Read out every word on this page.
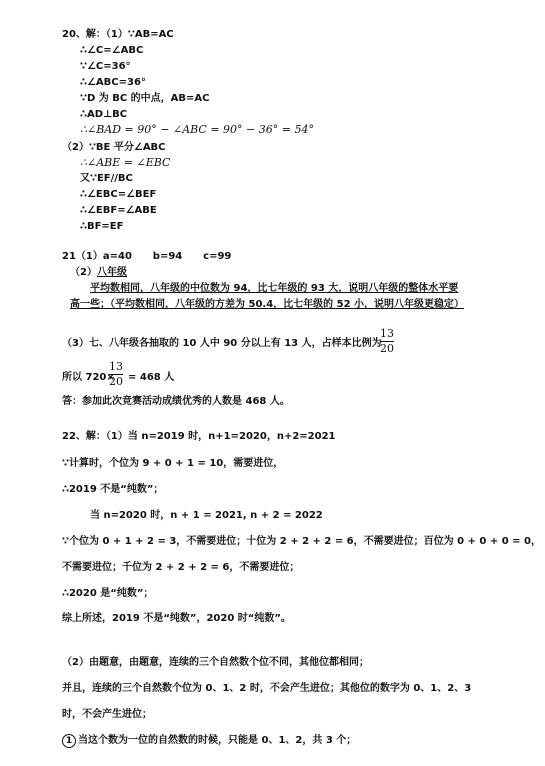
20、解：（1）∵AB=AC
∴∠C=∠ABC
∵∠C=36°
∴∠ABC=36°
∵D 为 BC 的中点，AB=AC
∴AD⊥BC
∴∠BAD = 90° − ∠ABC = 90° − 36° = 54°
（2）∵BE 平分∠ABC
∴∠ABE = ∠EBC
又∵EF//BC
∴∠EBC=∠BEF
∴∠EBF=∠ABE
∴BF=EF
21（1）a=40      b=94      c=99
（2）八年级
平均数相同，八年级的中位数为 94，比七年级的 93 大，说明八年级的整体水平要
高一些；（平均数相同，八年级的方差为 50.4，比七年级的 52 小，说明八年级更稳定）
（3）七、八年级各抽取的 10 人中 90 分以上有 13 人，占样本比例为
13
20
所以 720×
13
20 = 468 人
答：参加此次竞赛活动成绩优秀的人数是 468 人。
22、解：（1）当 n=2019 时，n+1=2020，n+2=2021
∵计算时，个位为 9 + 0 + 1 = 10，需要进位，
∴2019 不是“纯数”；
当 n=2020 时，n + 1 = 2021, n + 2 = 2022
∵个位为 0 + 1 + 2 = 3，不需要进位；十位为 2 + 2 + 2 = 6，不需要进位；百位为 0 + 0 + 0 = 0，
不需要进位；千位为 2 + 2 + 2 = 6，不需要进位；
∴2020 是“纯数”；
综上所述，2019 不是“纯数”，2020 时“纯数”。
（2）由题意，由题意，连续的三个自然数个位不同，其他位都相同；
并且，连续的三个自然数个位为 0、1、2 时，不会产生进位；其他位的数字为 0、1、2、3
时，不会产生进位；
1 当这个数为一位的自然数的时候，只能是 0、1、2，共 3 个；
